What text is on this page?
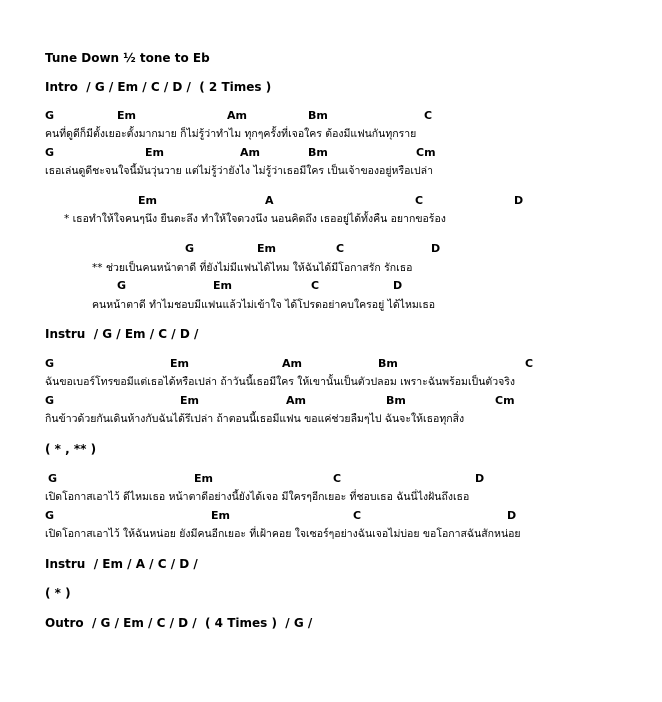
Tune Down ½ tone to Eb
Intro  / G / Em / C / D /  ( 2 Times )
G	Em	Am	Bm	C
คนที่ดูดีก็มีตั้งเยอะตั้งมากมาย ก็ไม่รู้ว่าทำไม ทุกๆครั้งที่เจอใคร ต้องมีแฟนกันทุกราย
G	Em	Am	Bm	Cm
เธอเล่นดูดีชะจนใจนี้มันวุ่นวาย แต่ไม่รู้ว่ายังไง ไม่รู้ว่าเธอมีใคร เป็นเจ้าของอยู่หรือเปล่า
Em	A	C	D
* เธอทำให้ใจคนๆนึง ยืนตะลึง ทำให้ใจดวงนึง นอนคิดถึง เธออยู่ได้ทั้งคืน อยากขอร้อง
G	Em	C	D
** ช่วยเป็นคนหน้าตาดี ที่ยังไม่มีแฟนได้ไหม ให้ฉันได้มีโอกาสรัก รักเธอ
G	Em	C	D
คนหน้าตาดี ทำไมชอบมีแฟนแล้วไม่เข้าใจ ได้โปรดอย่าคบใครอยู่ ได้ไหมเธอ
Instru  / G / Em / C / D /
G	Em	Am	Bm	C
ฉันขอเบอร์โทรขอมีแต่เธอได้หรือเปล่า ถ้าวันนี้เธอมีใคร ให้เขานั้นเป็นตัวปลอม เพราะฉันพร้อมเป็นตัวจริง
G	Em	Am	Bm	Cm
กินข้าวด้วยกันเดินห้างกับฉันได้รึเปล่า ถ้าตอนนี้เธอมีแฟน ขอแค่ช่วยลืมๆไป ฉันจะให้เธอทุกสิ่ง
( * , ** )
G	Em	C	D
เปิดโอกาสเอาไว้ ดีไหมเธอ หน้าตาดีอย่างนี้ยังได้เจอ มีใครๆอีกเยอะ ที่ชอบเธอ ฉันนี่ไงฝันถึงเธอ
G	Em	C	D
เปิดโอกาสเอาไว้ ให้ฉันหน่อย ยังมีคนอีกเยอะ ที่เฝ้าคอย ใจเซอร์ๆอย่างฉันเจอไม่บ่อย ขอโอกาสฉันสักหน่อย
Instru  / Em / A / C / D /
( * )
Outro  / G / Em / C / D /  ( 4 Times )  / G /
